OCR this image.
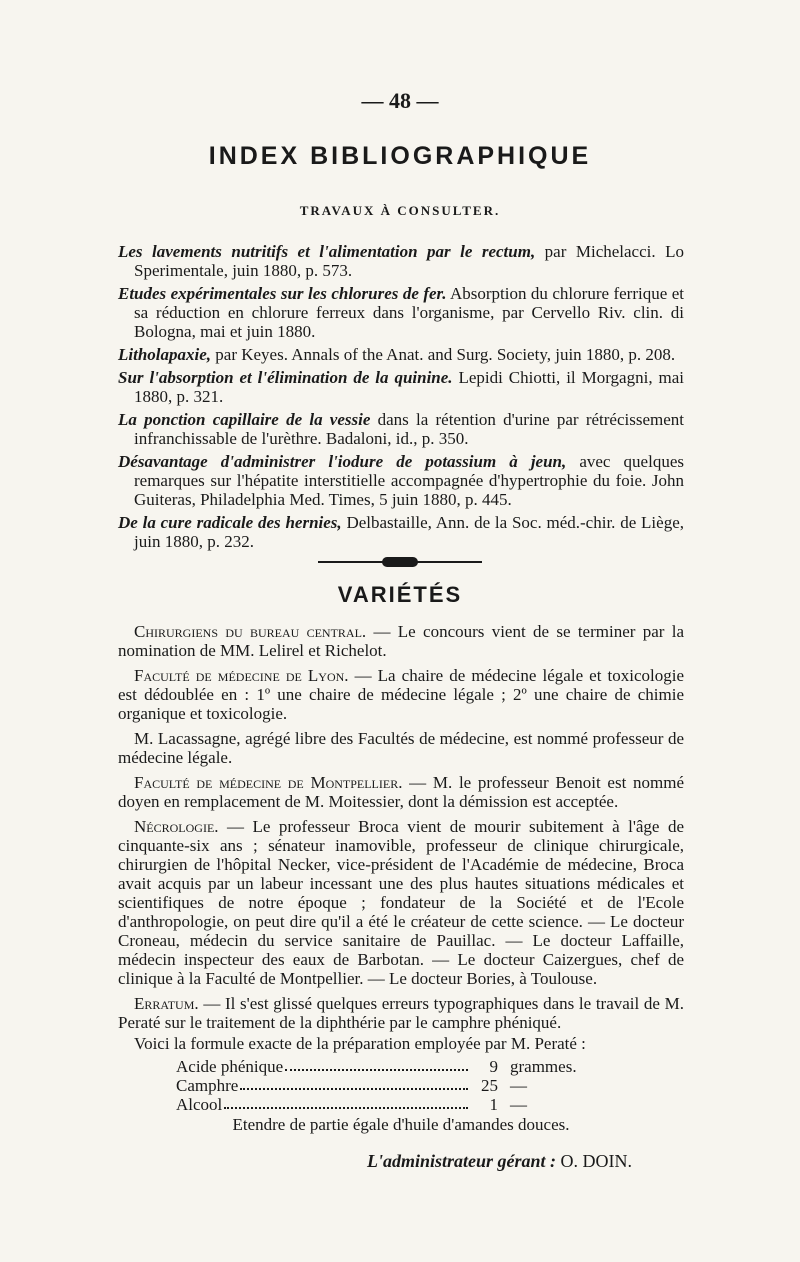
— 48 —
INDEX BIBLIOGRAPHIQUE
TRAVAUX À CONSULTER.

Les lavements nutritifs et l'alimentation par le rectum, par Michelacci. Lo Sperimentale, juin 1880, p. 573.

Etudes expérimentales sur les chlorures de fer. Absorption du chlorure ferrique et sa réduction en chlorure ferreux dans l'organisme, par Cervello Riv. clin. di Bologna, mai et juin 1880.

Litholapaxie, par Keyes. Annals of the Anat. and Surg. Society, juin 1880, p. 208.

Sur l'absorption et l'élimination de la quinine. Lepidi Chiotti, il Morgagni, mai 1880, p. 321.

La ponction capillaire de la vessie dans la rétention d'urine par rétrécissement infranchissable de l'urèthre. Badaloni, id., p. 350.

Désavantage d'administrer l'iodure de potassium à jeun, avec quelques remarques sur l'hépatite interstitielle accompagnée d'hypertrophie du foie. John Guiteras, Philadelphia Med. Times, 5 juin 1880, p. 445.

De la cure radicale des hernies, Delbastaille, Ann. de la Soc. méd.-chir. de Liège, juin 1880, p. 232.

VARIÉTÉS

Chirurgiens du bureau central. — Le concours vient de se terminer par la nomination de MM. Lelirel et Richelot.

Faculté de médecine de Lyon. — La chaire de médecine légale et toxicologie est dédoublée en : 1º une chaire de médecine légale ; 2º une chaire de chimie organique et toxicologie.

M. Lacassagne, agrégé libre des Facultés de médecine, est nommé professeur de médecine légale.

Faculté de médecine de Montpellier. — M. le professeur Benoit est nommé doyen en remplacement de M. Moitessier, dont la démission est acceptée.

Nécrologie. — Le professeur Broca vient de mourir subitement à l'âge de cinquante-six ans ; sénateur inamovible, professeur de clinique chirurgicale, chirurgien de l'hôpital Necker, vice-président de l'Académie de médecine, Broca avait acquis par un labeur incessant une des plus hautes situations médicales et scientifiques de notre époque ; fondateur de la Société et de l'Ecole d'anthropologie, on peut dire qu'il a été le créateur de cette science. — Le docteur Croneau, médecin du service sanitaire de Pauillac. — Le docteur Laffaille, médecin inspecteur des eaux de Barbotan. — Le docteur Caizergues, chef de clinique à la Faculté de Montpellier. — Le docteur Bories, à Toulouse.

Erratum. — Il s'est glissé quelques erreurs typographiques dans le travail de M. Peraté sur le traitement de la diphthérie par le camphre phéniqué.

Voici la formule exacte de la préparation employée par M. Peraté :

Acide phénique	9 grammes.
Camphre	25 —
Alcool	1 —

Etendre de partie égale d'huile d'amandes douces.

L'administrateur gérant : O. DOIN.
